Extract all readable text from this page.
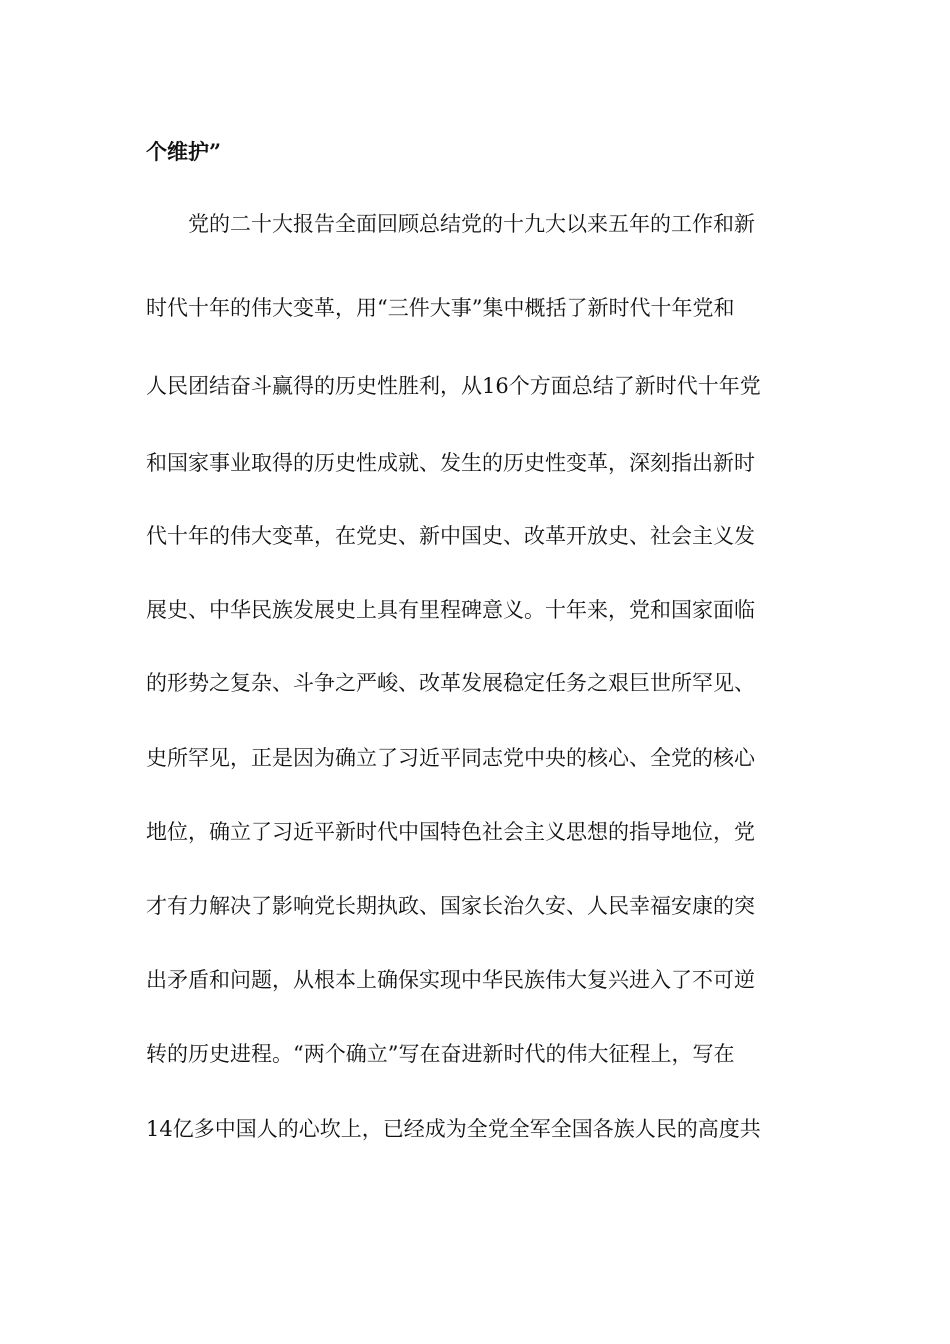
个维护”

　　党的二十大报告全面回顾总结党的十九大以来五年的工作和新

时代十年的伟大变革，用“三件大事”集中概括了新时代十年党和

人民团结奋斗赢得的历史性胜利，从16个方面总结了新时代十年党

和国家事业取得的历史性成就、发生的历史性变革，深刻指出新时

代十年的伟大变革，在党史、新中国史、改革开放史、社会主义发

展史、中华民族发展史上具有里程碑意义。十年来，党和国家面临

的形势之复杂、斗争之严峻、改革发展稳定任务之艰巨世所罕见、

史所罕见，正是因为确立了习近平同志党中央的核心、全党的核心

地位，确立了习近平新时代中国特色社会主义思想的指导地位，党

才有力解决了影响党长期执政、国家长治久安、人民幸福安康的突

出矛盾和问题，从根本上确保实现中华民族伟大复兴进入了不可逆

转的历史进程。“两个确立”写在奋进新时代的伟大征程上，写在

14亿多中国人的心坎上，已经成为全党全军全国各族人民的高度共
